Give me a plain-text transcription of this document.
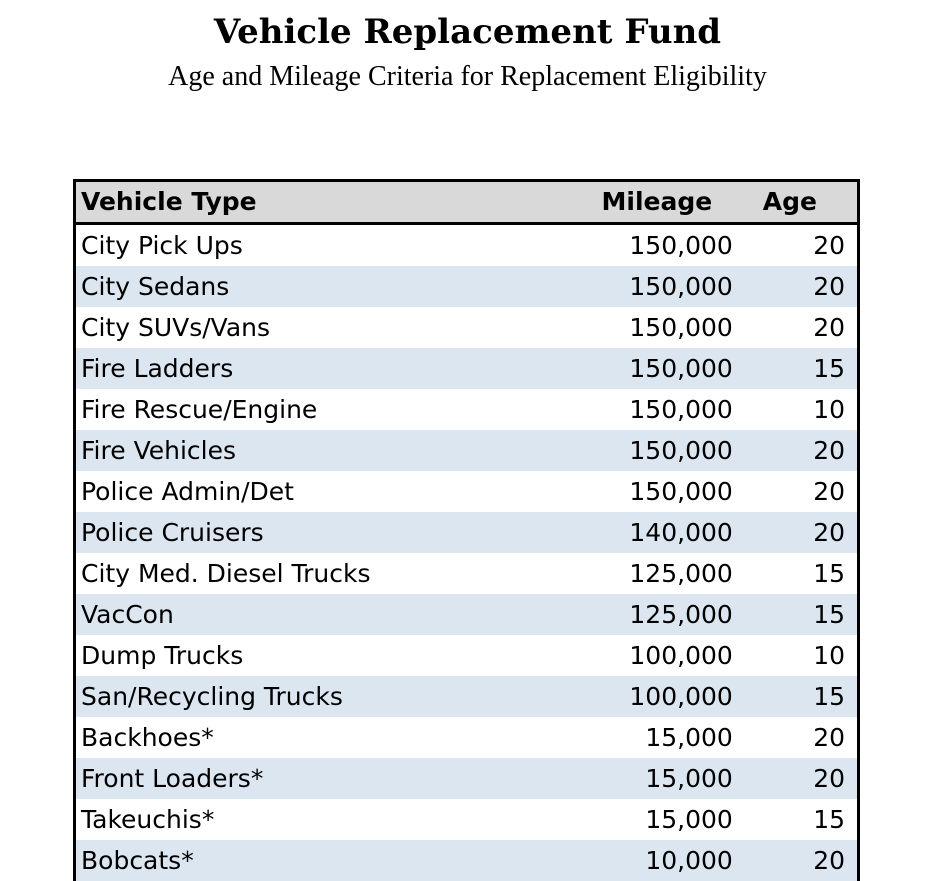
Vehicle Replacement Fund
Age and Mileage Criteria for Replacement Eligibility
Vehicle Type	Mileage	Age
City Pick Ups	150,000	20
City Sedans	150,000	20
City SUVs/Vans	150,000	20
Fire Ladders	150,000	15
Fire Rescue/Engine	150,000	10
Fire Vehicles	150,000	20
Police Admin/Det	150,000	20
Police Cruisers	140,000	20
City Med. Diesel Trucks	125,000	15
VacCon	125,000	15
Dump Trucks	100,000	10
San/Recycling Trucks	100,000	15
Backhoes*	15,000	20
Front Loaders*	15,000	20
Takeuchis*	15,000	15
Bobcats*	10,000	20
